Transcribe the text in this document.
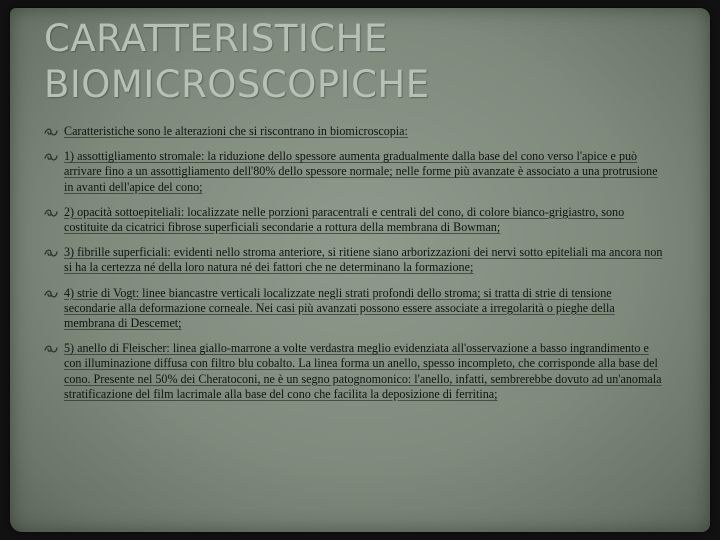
CARATTERISTICHE
BIOMICROSCOPICHE
Caratteristiche sono le alterazioni che si riscontrano in biomicroscopia:
1) assottigliamento stromale: la riduzione dello spessore aumenta gradualmente dalla base del cono verso l'apice e può arrivare fino a un assottigliamento dell'80% dello spessore normale; nelle forme più avanzate è associato a una protrusione in avanti dell'apice del cono;
2) opacità sottoepiteliali: localizzate nelle porzioni paracentrali e centrali del cono, di colore bianco-grigiastro, sono costituite da cicatrici fibrose superficiali secondarie a rottura della membrana di Bowman;
3) fibrille superficiali: evidenti nello stroma anteriore, si ritiene siano arborizzazioni dei nervi sotto epiteliali ma ancora non si ha la certezza né della loro natura né dei fattori che ne determinano la formazione;
4) strie di Vogt: linee biancastre verticali localizzate negli strati profondi dello stroma; si tratta di strie di tensione secondarie alla deformazione corneale. Nei casi più avanzati possono essere associate a irregolarità o pieghe della membrana di Descemet;
5) anello di Fleischer: linea giallo-marrone a volte verdastra meglio evidenziata all'osservazione a basso ingrandimento e con illuminazione diffusa con filtro blu cobalto. La linea forma un anello, spesso incompleto, che corrisponde alla base del cono. Presente nel 50% dei Cheratoconi, ne è un segno patognomonico: l'anello, infatti, sembrerebbe dovuto ad un'anomala stratificazione del film lacrimale alla base del cono che facilita la deposizione di ferritina;
